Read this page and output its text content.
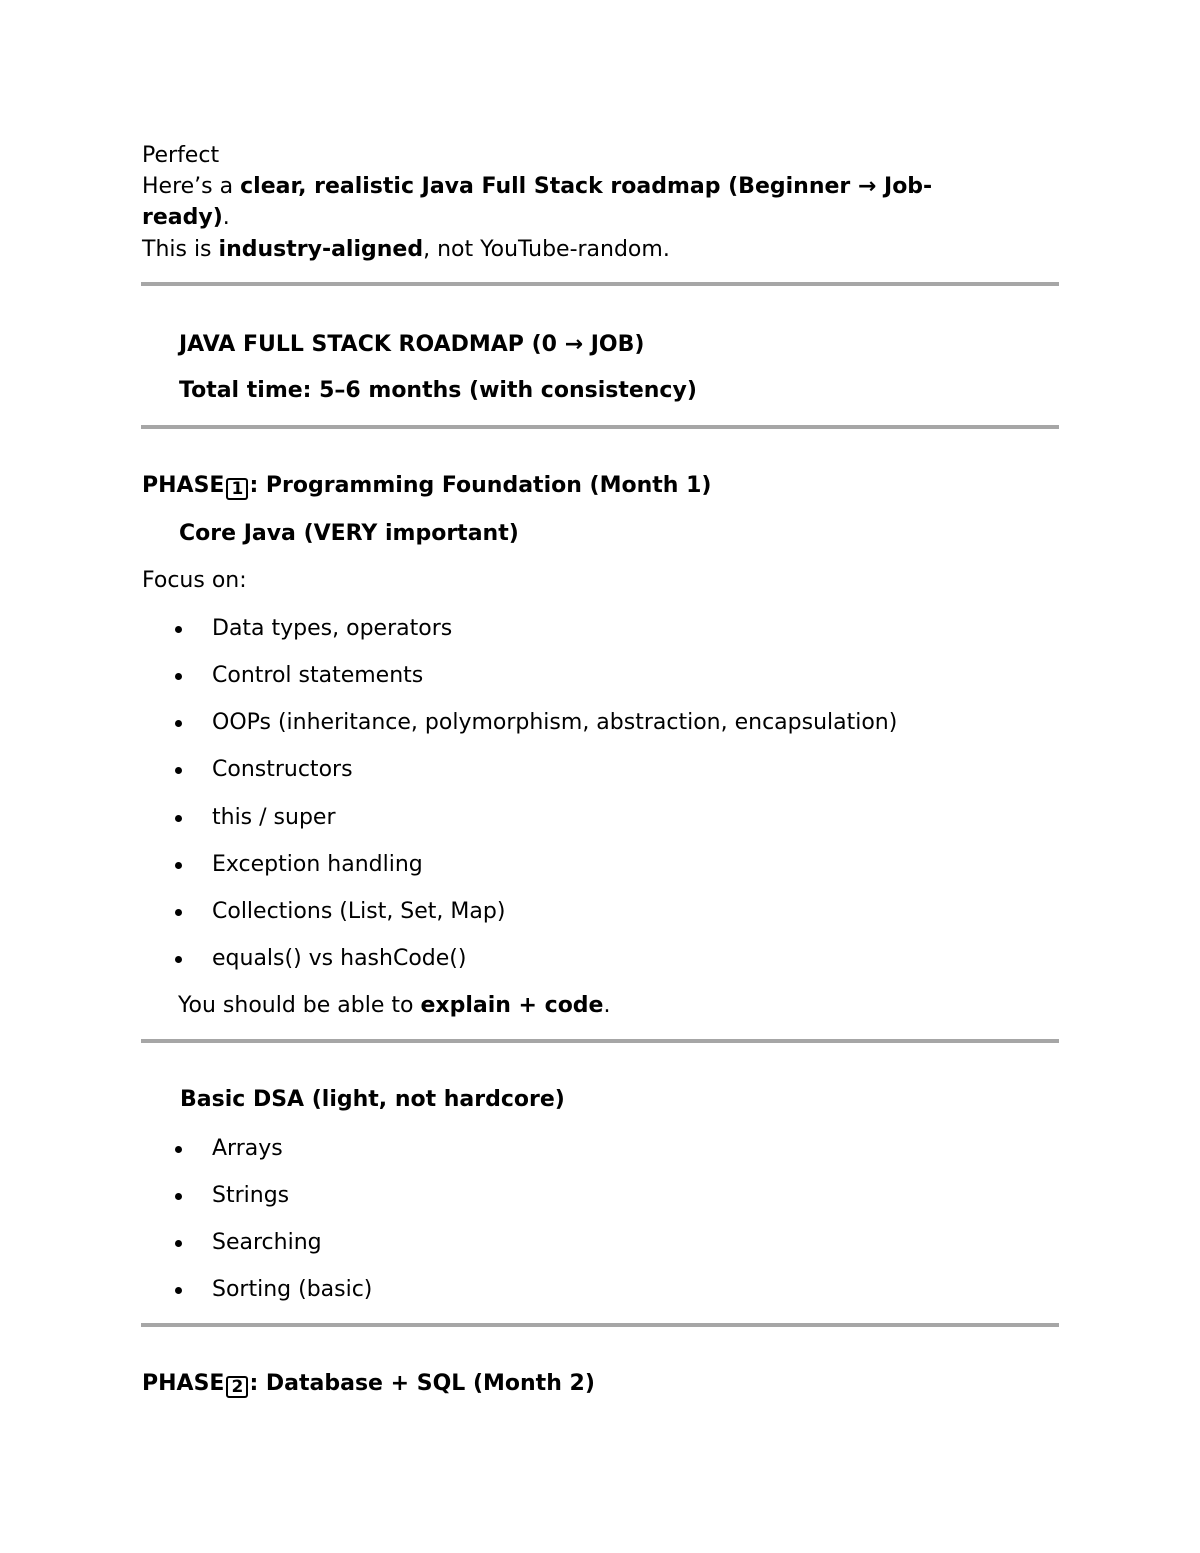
Perfect
Here’s a clear, realistic Java Full Stack roadmap (Beginner → Job-
ready).
This is industry-aligned, not YouTube-random.
JAVA FULL STACK ROADMAP (0 → JOB)
Total time: 5–6 months (with consistency)
PHASE 1 : Programming Foundation (Month 1)
Core Java (VERY important)
Focus on:
Data types, operators
Control statements
OOPs (inheritance, polymorphism, abstraction, encapsulation)
Constructors
this / super
Exception handling
Collections (List, Set, Map)
equals() vs hashCode()
You should be able to explain + code.
Basic DSA (light, not hardcore)
Arrays
Strings
Searching
Sorting (basic)
PHASE 2 : Database + SQL (Month 2)
